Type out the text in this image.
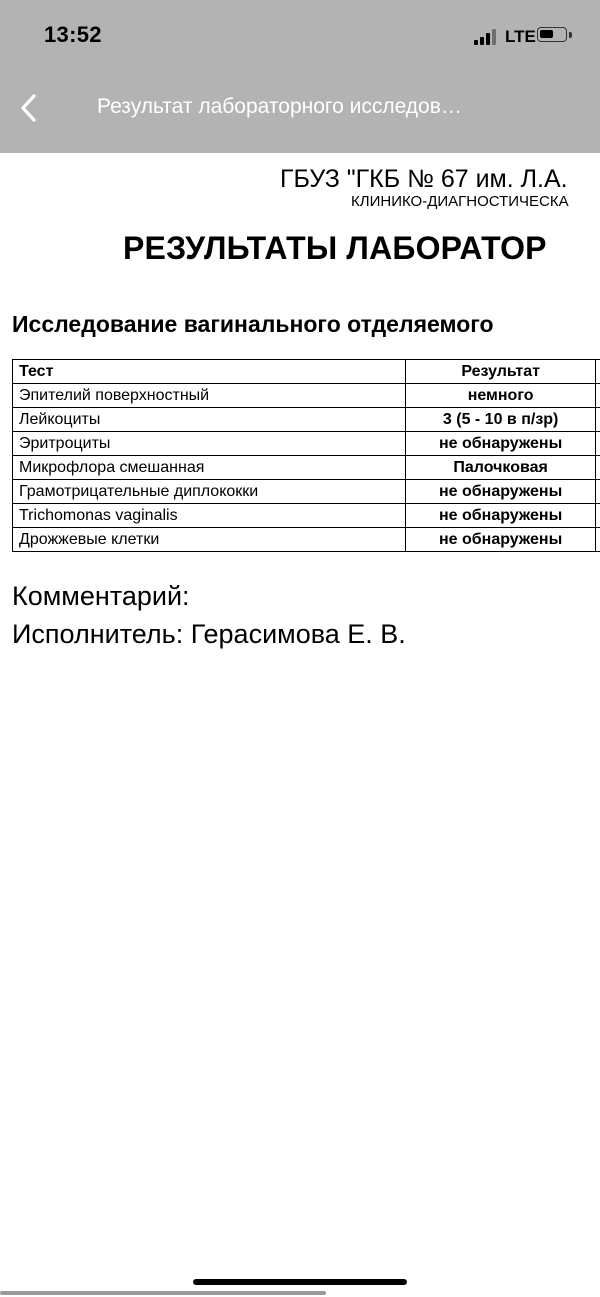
13:52	LTE
Результат лабораторного исследов…
ГБУЗ "ГКБ № 67 им. Л.А.
КЛИНИКО-ДИАГНОСТИЧЕСКА
РЕЗУЛЬТАТЫ ЛАБОРАТОР
Исследование вагинального отделяемого
Тест	Результат	
Эпителий поверхностный	немного	
Лейкоциты	3 (5 - 10 в п/зр)	
Эритроциты	не обнаружены	
Микрофлора смешанная	Палочковая	
Грамотрицательные диплококки	не обнаружены	
Trichomonas vaginalis	не обнаружены	
Дрожжевые клетки	не обнаружены	
Комментарий:
Исполнитель: Герасимова Е. В.
